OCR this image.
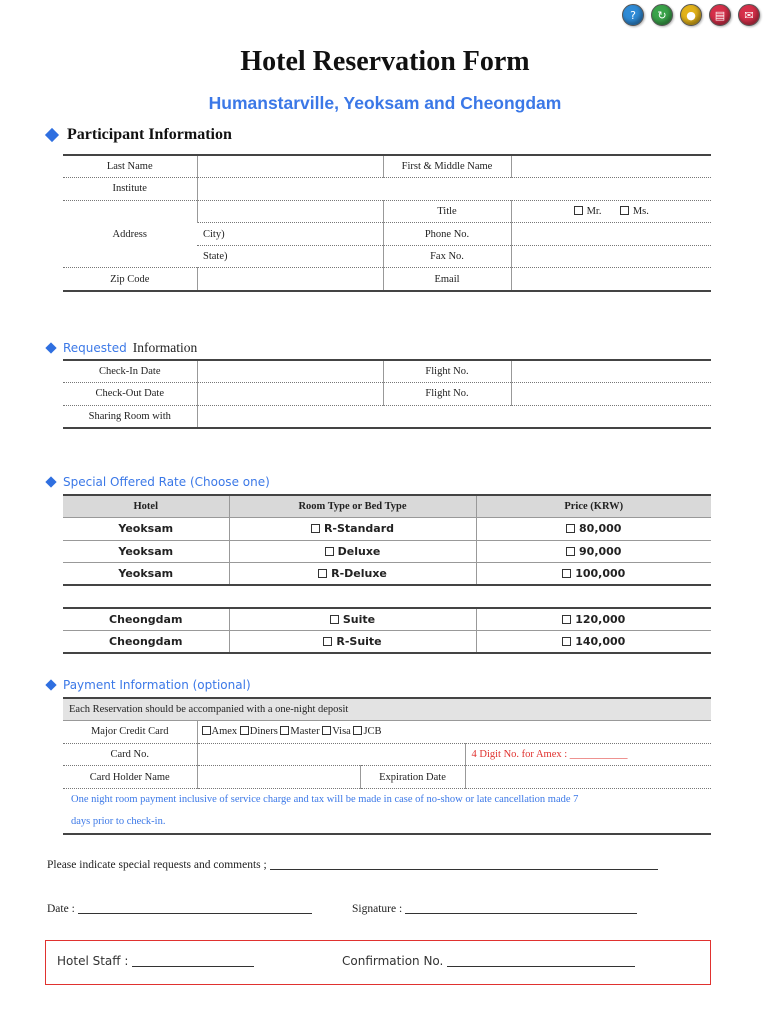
?	↻	●	▤	✉
Hotel Reservation Form
Humanstarville, Yeoksam and Cheongdam
Participant Information
Last Name		First & Middle Name	
Institute			
Address		Title	Mr. Ms.
	City)	Phone No.	
	State)	Fax No.	
Zip Code		Email	
Requested Information
Check-In Date		Flight No.	
Check-Out Date		Flight No.	
Sharing Room with			
Special Offered Rate (Choose one)
Hotel	Room Type or Bed Type	Price (KRW)
Yeoksam	R-Standard	80,000
Yeoksam	Deluxe	90,000
Yeoksam	R-Deluxe	100,000
Cheongdam	Suite	120,000
Cheongdam	R-Suite	140,000
Payment Information (optional)
Each Reservation should be accompanied with a one-night deposit			
Major Credit Card	Amex Diners Master Visa JCB		
Card No.			4 Digit No. for Amex : ___________
Card Holder Name		Expiration Date	
One night room payment inclusive of service charge and tax will be made in case of no-show or late cancellation made 7			
days prior to check-in.			
Please indicate special requests and comments ;
Date :	Signature :
Hotel Staff :	Confirmation No.
